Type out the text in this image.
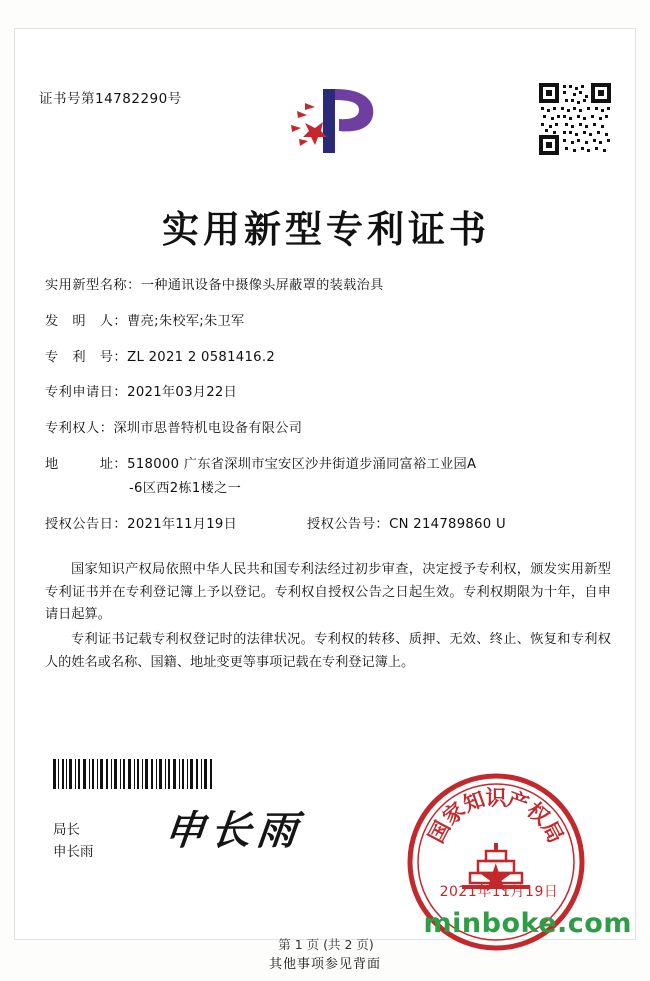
证书号第14782290号
实用新型专利证书
实用新型名称： 一种通讯设备中摄像头屏蔽罩的装载治具
发　明　人： 曹亮;朱校军;朱卫军
专　利　号： ZL 2021 2 0581416.2
专利申请日： 2021年03月22日
专利权人： 深圳市思普特机电设备有限公司
地　　　址： 518000 广东省深圳市宝安区沙井街道步涌同富裕工业园A
-6区西2栋1楼之一
授权公告日： 2021年11月19日	授权公告号： CN 214789860 U

国家知识产权局依照中华人民共和国专利法经过初步审查，决定授予专利权，颁发实用新型专利证书并在专利登记簿上予以登记。专利权自授权公告之日起生效。专利权期限为十年，自申请日起算。

专利证书记载专利权登记时的法律状况。专利权的转移、质押、无效、终止、恢复和专利权人的姓名或名称、国籍、地址变更等事项记载在专利登记簿上。

局长
申长雨 申长雨	国
家
知
识
产
权
局
2021年11月19日
第 1 页 (共 2 页)
minboke.com
其他事项参见背面
